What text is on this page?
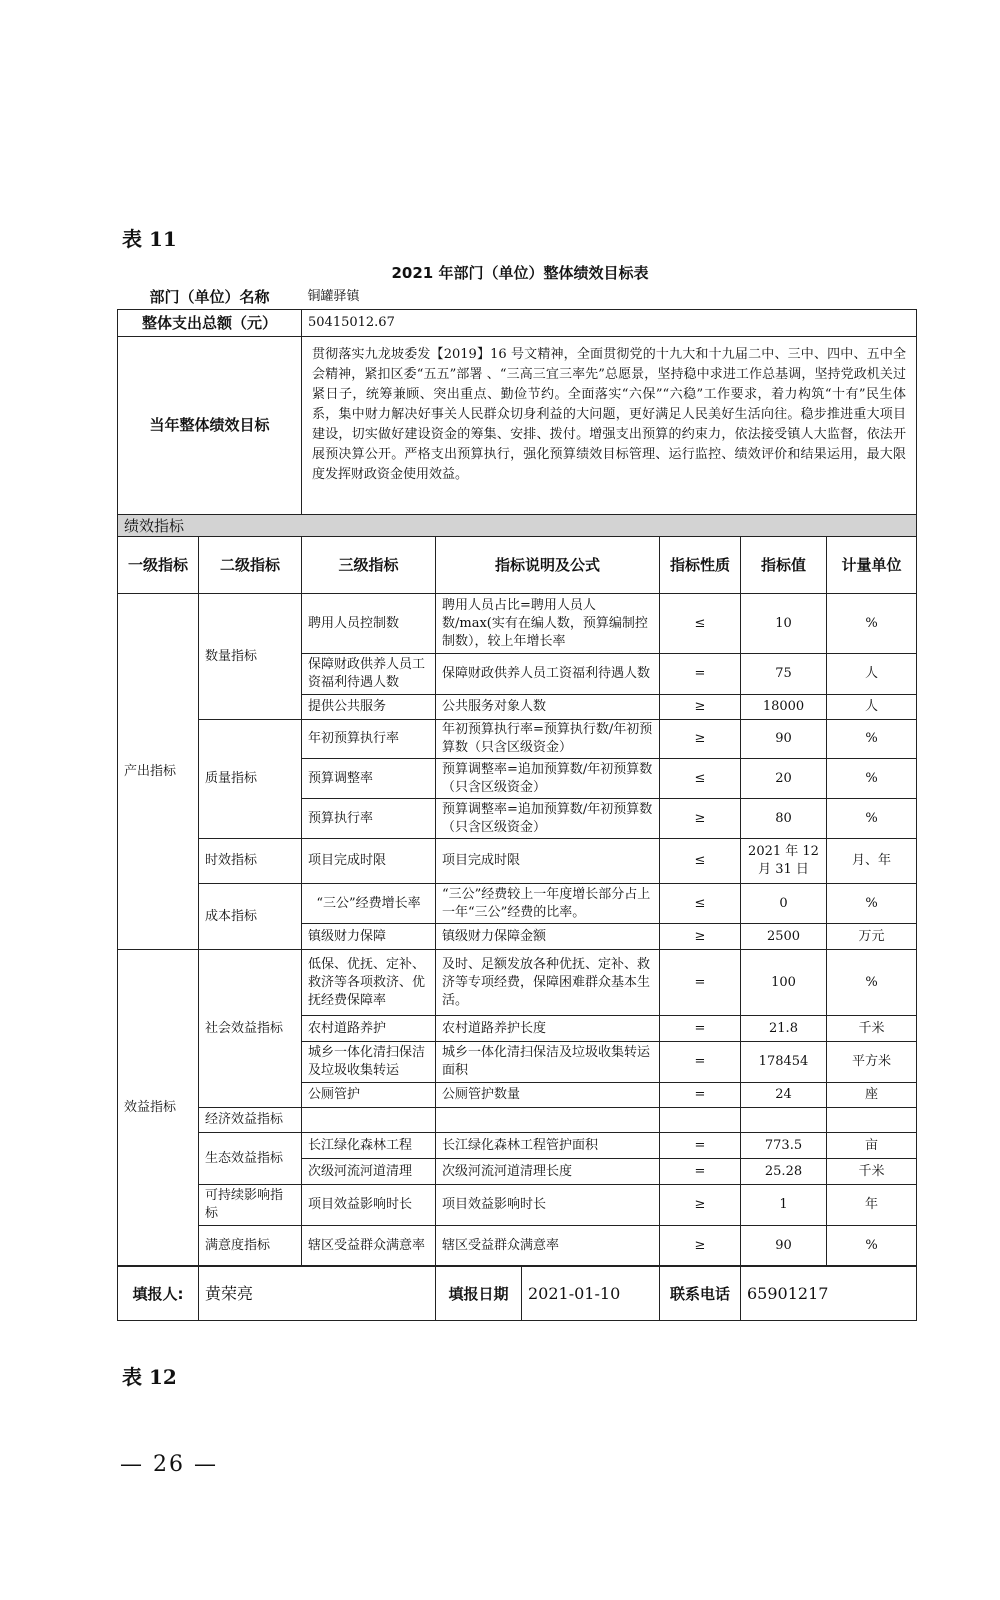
表 11
2021 年部门（单位）整体绩效目标表
部门（单位）名称	铜罐驿镇
整体支出总额（元）	50415012.67
当年整体绩效目标	贯彻落实九龙坡委发【2019】16 号文精神，全面贯彻党的十九大和十九届二中、三中、四中、五中全会精神，紧扣区委“五五”部署 、“三高三宜三率先”总愿景，坚持稳中求进工作总基调，坚持党政机关过紧日子，统筹兼顾、突出重点、勤俭节约。全面落实“六保”“六稳”工作要求，着力构筑“十有”民生体系，集中财力解决好事关人民群众切身利益的大问题，更好满足人民美好生活向往。稳步推进重大项目建设，切实做好建设资金的筹集、安排、拨付。增强支出预算的约束力，依法接受镇人大监督，依法开展预决算公开。严格支出预算执行，强化预算绩效目标管理、运行监控、绩效评价和结果运用，最大限度发挥财政资金使用效益。
绩效指标						
一级指标	二级指标	三级指标	指标说明及公式	指标性质	指标值	计量单位
产出指标	数量指标	聘用人员控制数	聘用人员占比=聘用人员人数/max(实有在编人数，预算编制控制数），较上年增长率	≤	10	%
		保障财政供养人员工资福利待遇人数	保障财政供养人员工资福利待遇人数	=	75	人
		提供公共服务	公共服务对象人数	≥	18000	人
	质量指标	年初预算执行率	年初预算执行率=预算执行数/年初预算数（只含区级资金）	≥	90	%
		预算调整率	预算调整率=追加预算数/年初预算数（只含区级资金）	≤	20	%
		预算执行率	预算调整率=追加预算数/年初预算数（只含区级资金）	≥	80	%
	时效指标	项目完成时限	项目完成时限	≤	2021 年 12 月 31 日	月、年
	成本指标	“三公”经费增长率	“三公”经费较上一年度增长部分占上一年“三公”经费的比率。	≤	0	%
		镇级财力保障	镇级财力保障金额	≥	2500	万元
效益指标	社会效益指标	低保、优抚、定补、救济等各项救济、优抚经费保障率	及时、足额发放各种优抚、定补、救济等专项经费，保障困难群众基本生活。	=	100	%
		农村道路养护	农村道路养护长度	=	21.8	千米
		城乡一体化清扫保洁及垃圾收集转运	城乡一体化清扫保洁及垃圾收集转运面积	=	178454	平方米
		公厕管护	公厕管护数量	=	24	座
	经济效益指标					
	生态效益指标	长江绿化森林工程	长江绿化森林工程管护面积	=	773.5	亩
		次级河流河道清理	次级河流河道清理长度	=	25.28	千米
	可持续影响指标	项目效益影响时长	项目效益影响时长	≥	1	年
	满意度指标	辖区受益群众满意率	辖区受益群众满意率	≥	90	%
填报人:	黄荣亮	填报日期	2021-01-10	联系电话	65901217
表 12
— 26 —
